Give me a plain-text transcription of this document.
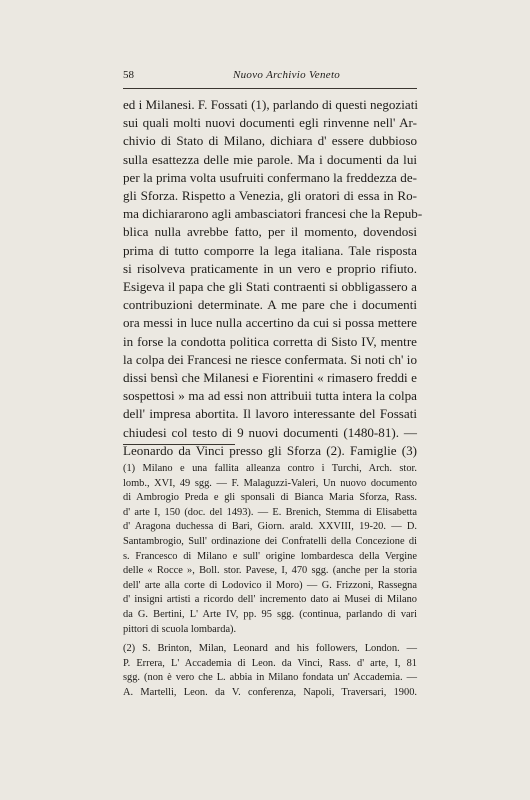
58	Nuovo Archivio Veneto
ed i Milanesi. F. Fossati (1), parlando di questi negoziati
sui quali molti nuovi documenti egli rinvenne nell' Ar-
chivio di Stato di Milano, dichiara d' essere dubbioso
sulla esattezza delle mie parole. Ma i documenti da lui
per la prima volta usufruiti confermano la freddezza de-
gli Sforza. Rispetto a Venezia, gli oratori di essa in Ro-
ma dichiararono agli ambasciatori francesi che la Repub-
blica nulla avrebbe fatto, per il momento, dovendosi
prima di tutto comporre la lega italiana. Tale risposta
si risolveva praticamente in un vero e proprio rifiuto.
Esigeva il papa che gli Stati contraenti si obbligassero a
contribuzioni determinate. A me pare che i documenti
ora messi in luce nulla accertino da cui si possa mettere
in forse la condotta politica corretta di Sisto IV, mentre
la colpa dei Francesi ne riesce confermata. Si noti ch' io
dissi bensì che Milanesi e Fiorentini « rimasero freddi e
sospettosi » ma ad essi non attribuii tutta intera la colpa
dell' impresa abortita. Il lavoro interessante del Fossati
chiudesi col testo di 9 nuovi documenti (1480-81). —
Leonardo da Vinci presso gli Sforza (2). Famiglie (3)
(1) Milano e una fallita alleanza contro i Turchi, Arch. stor.
lomb., XVI, 49 sgg. — F. Malaguzzi-Valeri, Un nuovo documento
di Ambrogio Preda e gli sponsali di Bianca Maria Sforza, Rass.
d' arte I, 150 (doc. del 1493). — E. Brenich, Stemma di Elisabetta
d' Aragona duchessa di Bari, Giorn. arald. XXVIII, 19-20. — D.
Santambrogio, Sull' ordinazione dei Confratelli della Concezione di
s. Francesco di Milano e sull' origine lombardesca della Vergine
delle « Rocce », Boll. stor. Pavese, I, 470 sgg. (anche per la storia
dell' arte alla corte di Lodovico il Moro) — G. Frizzoni, Rassegna
d' insigni artisti a ricordo dell' incremento dato ai Musei di Milano
da G. Bertini, L' Arte IV, pp. 95 sgg. (continua, parlando di vari
pittori di scuola lombarda).
(2) S. Brinton, Milan, Leonard and his followers, London. —
P. Errera, L' Accademia di Leon. da Vinci, Rass. d' arte, I, 81
sgg. (non è vero che L. abbia in Milano fondata un' Accademia. —
A. Martelli, Leon. da V. conferenza, Napoli, Traversari, 1900.
